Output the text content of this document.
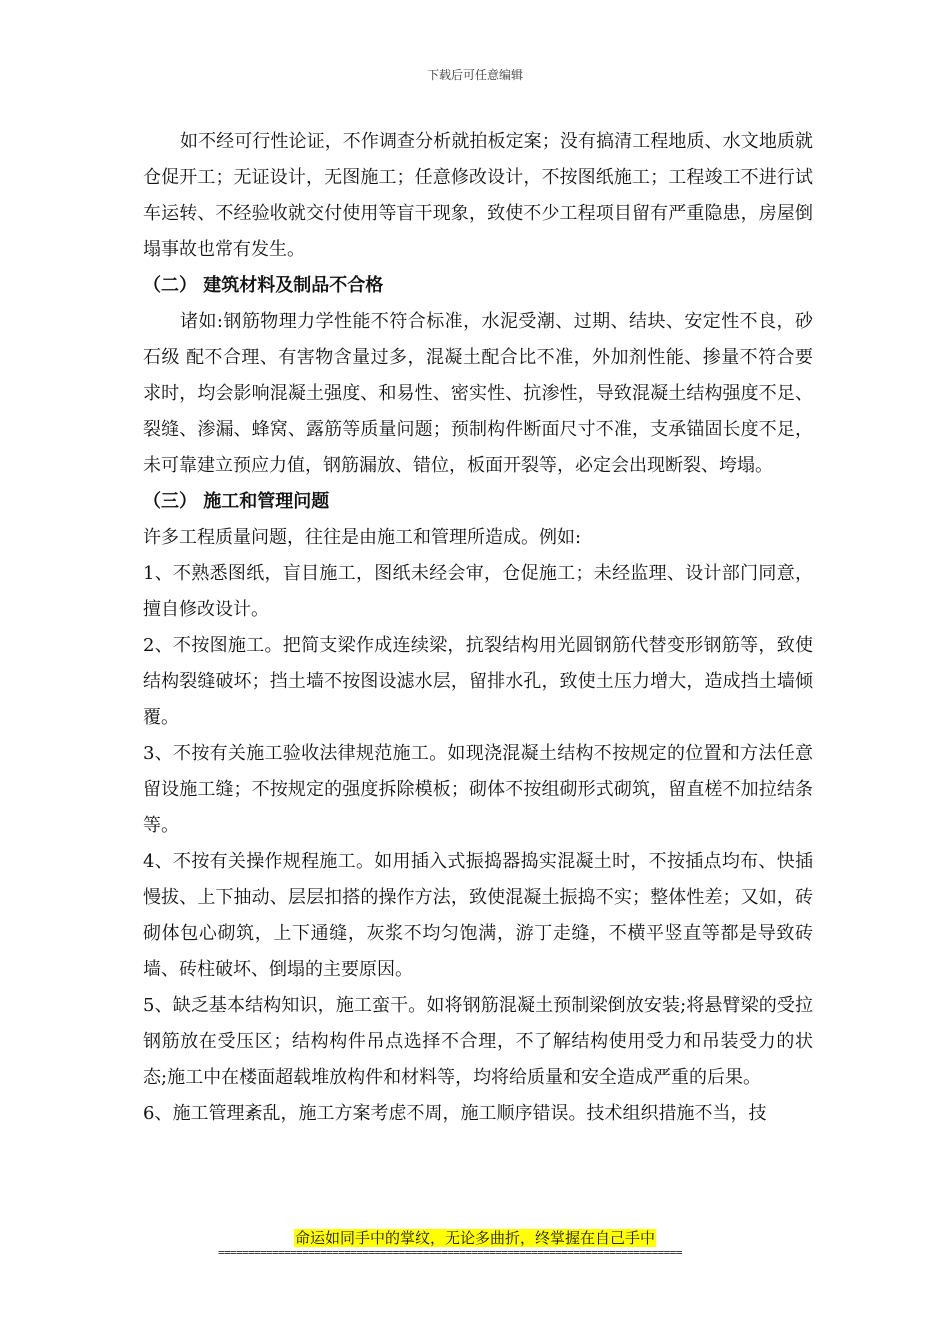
下载后可任意编辑

如不经可行性论证，不作调查分析就拍板定案；没有搞清工程地质、水文地质就仓促开工；无证设计，无图施工；任意修改设计，不按图纸施工；工程竣工不进行试车运转、不经验收就交付使用等盲干现象，致使不少工程项目留有严重隐患，房屋倒塌事故也常有发生。

（二） 建筑材料及制品不合格

诸如:钢筋物理力学性能不符合标准，水泥受潮、过期、结块、安定性不良，砂石级 配不合理、有害物含量过多，混凝土配合比不准，外加剂性能、掺量不符合要求时，均会影响混凝土强度、和易性、密实性、抗渗性，导致混凝土结构强度不足、裂缝、渗漏、蜂窝、露筋等质量问题；预制构件断面尺寸不准，支承锚固长度不足，未可靠建立预应力值，钢筋漏放、错位，板面开裂等，必定会出现断裂、垮塌。

（三） 施工和管理问题

许多工程质量问题，往往是由施工和管理所造成。例如:

1、不熟悉图纸，盲目施工，图纸未经会审，仓促施工；未经监理、设计部门同意，擅自修改设计。

2、不按图施工。把简支梁作成连续梁，抗裂结构用光圆钢筋代替变形钢筋等，致使结构裂缝破坏；挡土墙不按图设滤水层，留排水孔，致使土压力增大，造成挡土墙倾覆。

3、不按有关施工验收法律规范施工。如现浇混凝土结构不按规定的位置和方法任意留设施工缝；不按规定的强度拆除模板；砌体不按组砌形式砌筑，留直槎不加拉结条等。

4、不按有关操作规程施工。如用插入式振捣器捣实混凝土时，不按插点均布、快插慢拔、上下抽动、层层扣搭的操作方法，致使混凝土振捣不实；整体性差；又如，砖砌体包心砌筑，上下通缝，灰浆不均匀饱满，游丁走缝，不横平竖直等都是导致砖墙、砖柱破坏、倒塌的主要原因。

5、缺乏基本结构知识，施工蛮干。如将钢筋混凝土预制梁倒放安装;将悬臂梁的受拉钢筋放在受压区；结构构件吊点选择不合理，不了解结构使用受力和吊装受力的状态;施工中在楼面超载堆放构件和材料等，均将给质量和安全造成严重的后果。

6、施工管理紊乱，施工方案考虑不周，施工顺序错误。技术组织措施不当，技

命运如同手中的掌纹，无论多曲折，终掌握在自己手中
=============================================================================
